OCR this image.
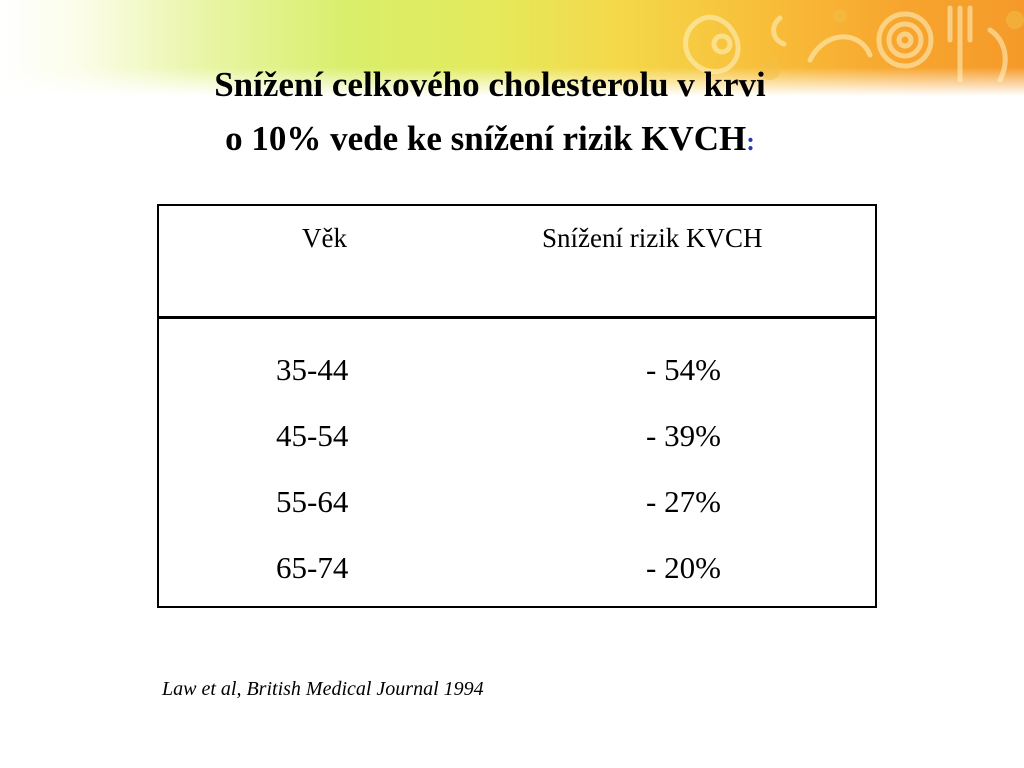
Snížení celkového cholesterolu v krvi
o 10% vede ke snížení rizik KVCH:
Věk	Snížení rizik KVCH
35-44	- 54%
45-54	- 39%
55-64	- 27%
65-74	- 20%
Law et al, British Medical Journal 1994
